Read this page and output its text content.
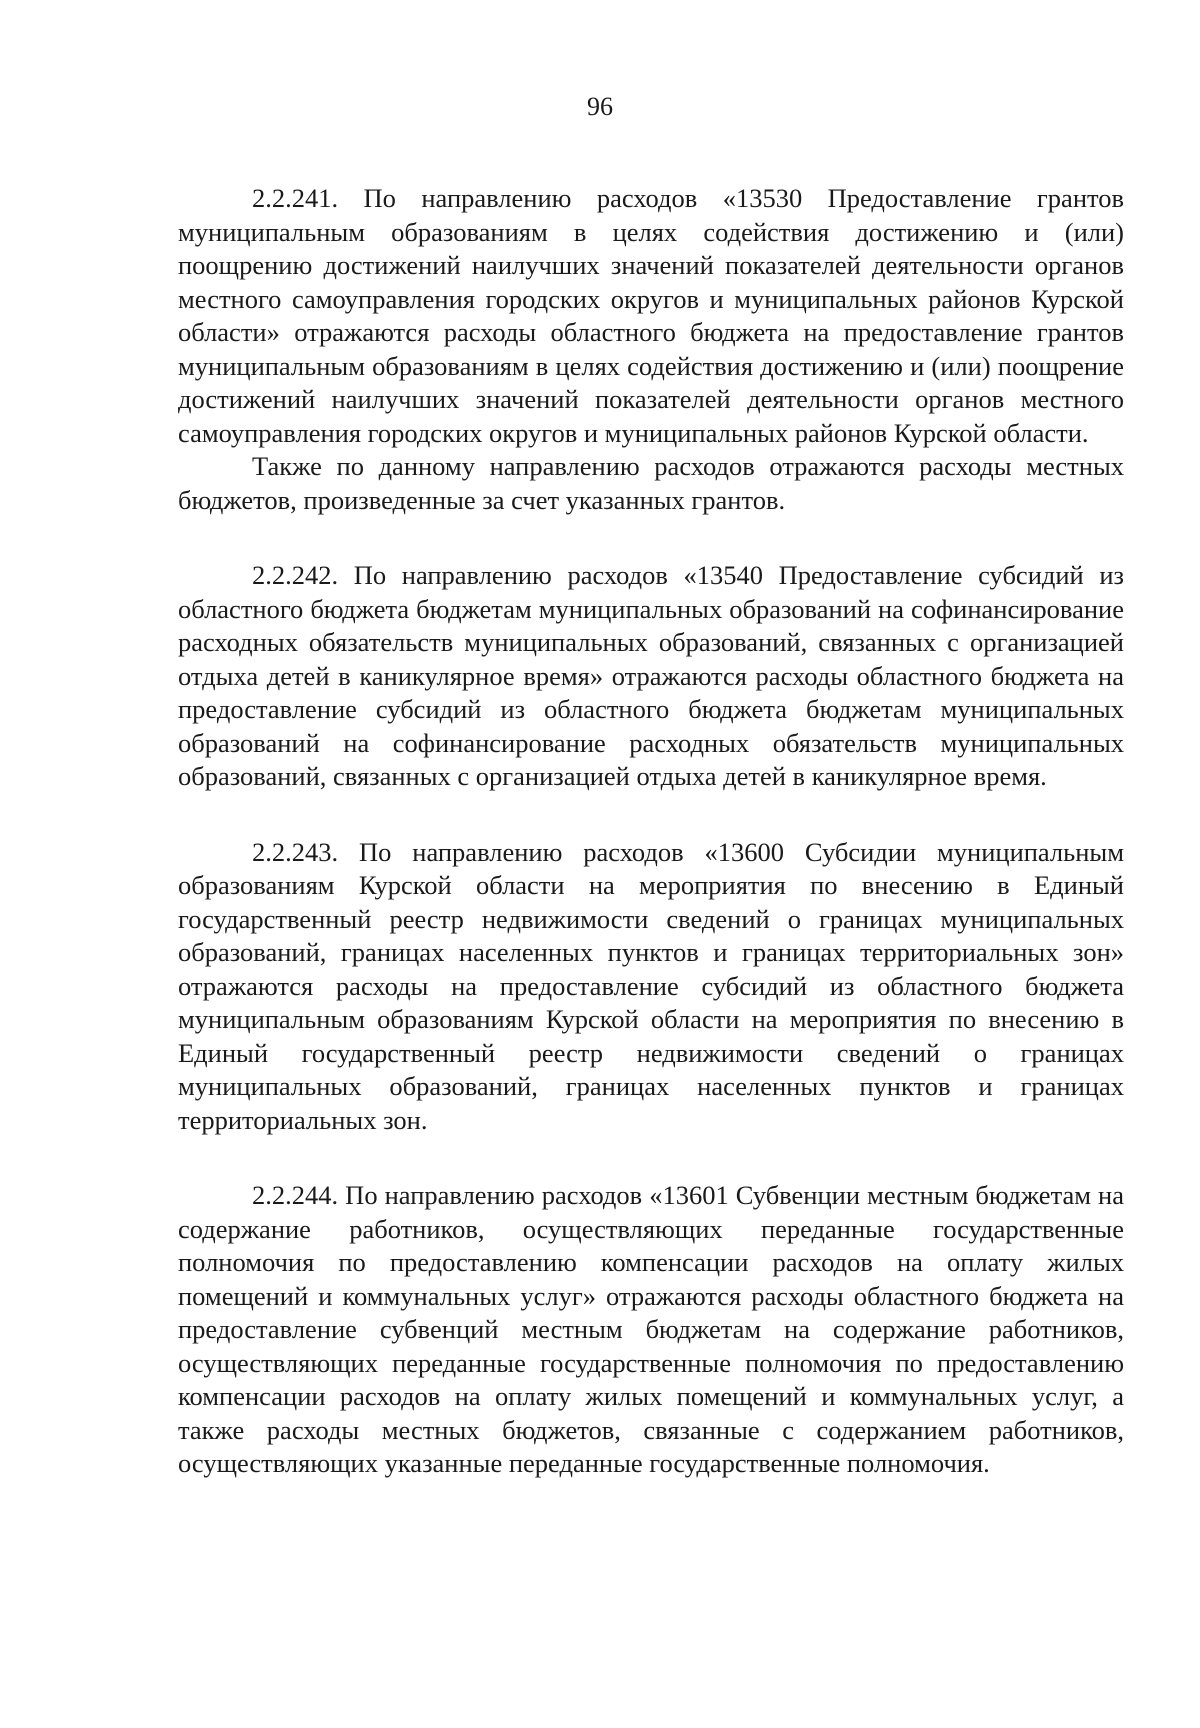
96

2.2.241. По направлению расходов «13530 Предоставление грантов муниципальным образованиям в целях содействия достижению и (или) поощрению достижений наилучших значений показателей деятельности органов местного самоуправления городских округов и муниципальных районов Курской области» отражаются расходы областного бюджета на предоставление грантов муниципальным образованиям в целях содействия достижению и (или) поощрение достижений наилучших значений показателей деятельности органов местного самоуправления городских округов и муниципальных районов Курской области.

Также по данному направлению расходов отражаются расходы местных бюджетов, произведенные за счет указанных грантов.

2.2.242. По направлению расходов «13540 Предоставление субсидий из областного бюджета бюджетам муниципальных образований на софинансирование расходных обязательств муниципальных образований, связанных с организацией отдыха детей в каникулярное время» отражаются расходы областного бюджета на предоставление субсидий из областного бюджета бюджетам муниципальных образований на софинансирование расходных обязательств муниципальных образований, связанных с организацией отдыха детей в каникулярное время.

2.2.243. По направлению расходов «13600 Субсидии муниципальным образованиям Курской области на мероприятия по внесению в Единый государственный реестр недвижимости сведений о границах муниципальных образований, границах населенных пунктов и границах территориальных зон» отражаются расходы на предоставление субсидий из областного бюджета муниципальным образованиям Курской области на мероприятия по внесению в Единый государственный реестр недвижимости сведений о границах муниципальных образований, границах населенных пунктов и границах территориальных зон.

2.2.244. По направлению расходов «13601 Субвенции местным бюджетам на содержание работников, осуществляющих переданные государственные полномочия по предоставлению компенсации расходов на оплату жилых помещений и коммунальных услуг» отражаются расходы областного бюджета на предоставление субвенций местным бюджетам на содержание работников, осуществляющих переданные государственные полномочия по предоставлению компенсации расходов на оплату жилых помещений и коммунальных услуг, а также расходы местных бюджетов, связанные с содержанием работников, осуществляющих указанные переданные государственные полномочия.
